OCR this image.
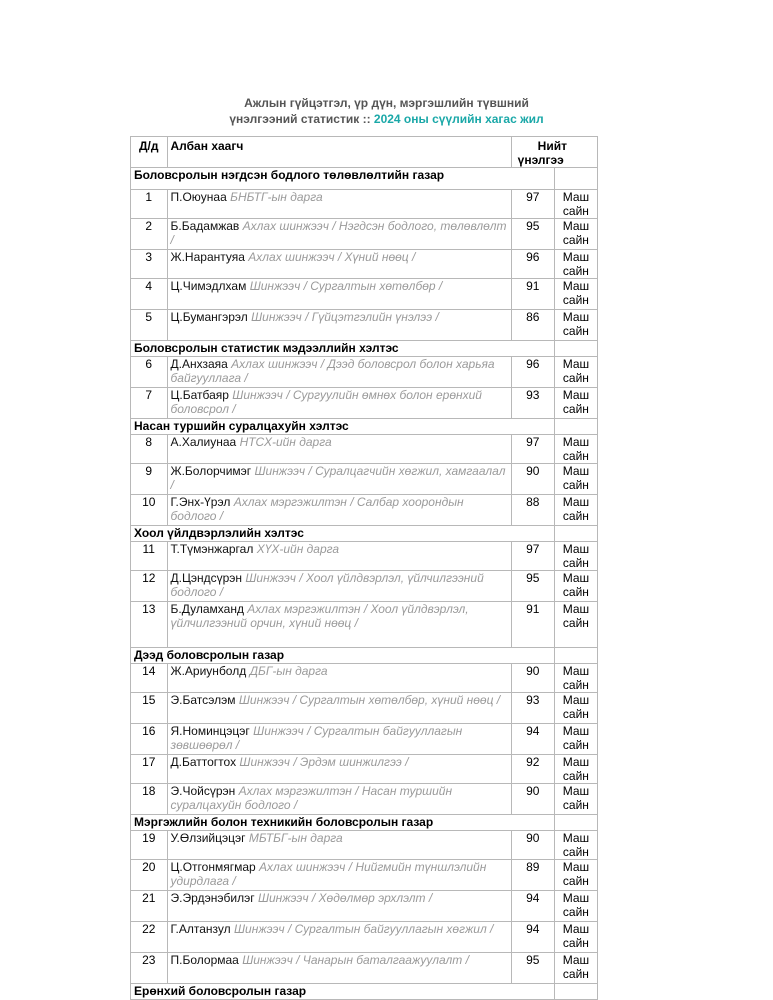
Ажлын гүйцэтгэл, үр дүн, мэргэшлийн түвшний
үнэлгээний статистик :: 2024 оны сүүлийн хагас жил
Д/д	Албан хаагч	Нийт үнэлгээ	
Боловсролын нэгдсэн бодлого төлөвлөлтийн газар			
1	П.Оюунаа БНБТГ-ын дарга	97	Маш сайн
2	Б.Бадамжав Ахлах шинжээч / Нэгдсэн бодлого, төлөвлөлт /	95	Маш сайн
3	Ж.Нарантуяа Ахлах шинжээч / Хүний нөөц /	96	Маш сайн
4	Ц.Чимэдлхам Шинжээч / Сургалтын хөтөлбөр /	91	Маш сайн
5	Ц.Бумангэрэл Шинжээч / Гүйцэтгэлийн үнэлээ /	86	Маш сайн
Боловсролын статистик мэдээллийн хэлтэс			
6	Д.Анхзаяа Ахлах шинжээч / Дээд боловсрол болон харьяа байгууллага /	96	Маш сайн
7	Ц.Батбаяр Шинжээч / Сургуулийн өмнөх болон ерөнхий боловсрол /	93	Маш сайн
Насан туршийн суралцахуйн хэлтэс			
8	А.Халиунаа НТСХ-ийн дарга	97	Маш сайн
9	Ж.Болорчимэг Шинжээч / Суралцагчийн хөгжил, хамгаалал /	90	Маш сайн
10	Г.Энх-Үрэл Ахлах мэргэжилтэн / Салбар хоорондын бодлого /	88	Маш сайн
Хоол үйлдвэрлэлийн хэлтэс			
11	Т.Түмэнжаргал ХҮХ-ийн дарга	97	Маш сайн
12	Д.Цэндсүрэн Шинжээч / Хоол үйлдвэрлэл, үйлчилгээний бодлого /	95	Маш сайн
13	Б.Дуламханд Ахлах мэргэжилтэн / Хоол үйлдвэрлэл, үйлчилгээний орчин, хүний нөөц /	91	Маш сайн
Дээд боловсролын газар			
14	Ж.Ариунболд ДБГ-ын дарга	90	Маш сайн
15	Э.Батсэлэм Шинжээч / Сургалтын хөтөлбөр, хүний нөөц /	93	Маш сайн
16	Я.Номинцэцэг Шинжээч / Сургалтын байгууллагын зөвшөөрөл /	94	Маш сайн
17	Д.Баттогтох Шинжээч / Эрдэм шинжилгээ /	92	Маш сайн
18	Э.Чойсүрэн Ахлах мэргэжилтэн / Насан туршийн суралцахуйн бодлого /	90	Маш сайн
Мэргэжлийн болон техникийн боловсролын газар			
19	У.Өлзийцэцэг МБТБГ-ын дарга	90	Маш сайн
20	Ц.Отгонмягмар Ахлах шинжээч / Нийгмийн түншлэлийн удирдлага /	89	Маш сайн
21	Э.Эрдэнэбилэг Шинжээч / Хөдөлмөр эрхлэлт /	94	Маш сайн
22	Г.Алтанзул Шинжээч / Сургалтын байгууллагын хөгжил /	94	Маш сайн
23	П.Болормаа Шинжээч / Чанарын баталгаажуулалт /	95	Маш сайн
Ерөнхий боловсролын газар			
